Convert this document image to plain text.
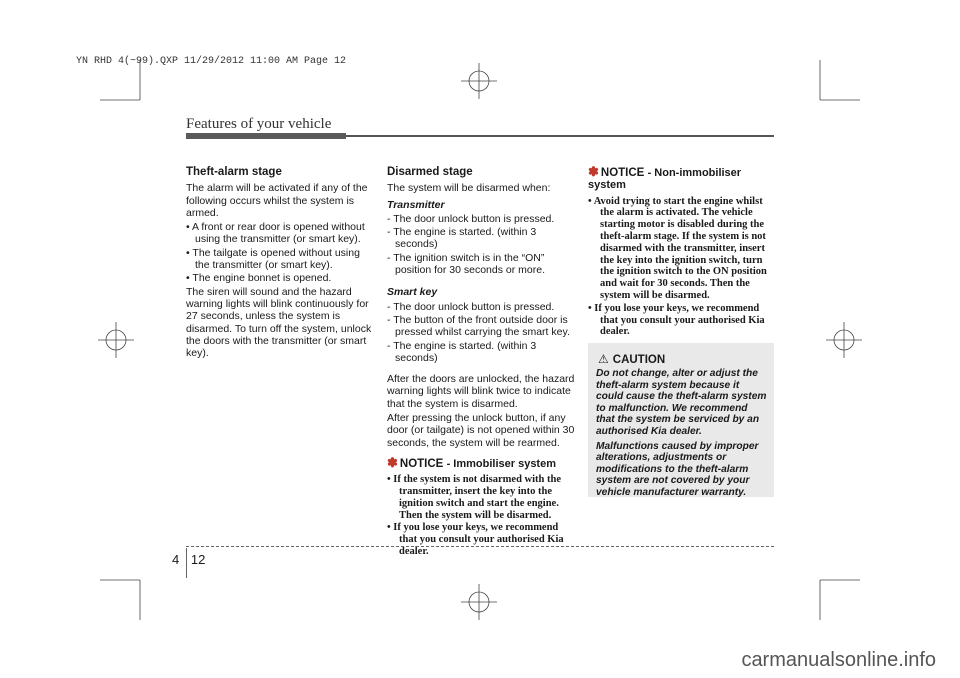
YN RHD 4(~99).QXP 11/29/2012 11:00 AM Page 12
Features of your vehicle
Theft-alarm stage

The alarm will be activated if any of the following occurs whilst the system is armed.

• A front or rear door is opened without using the transmitter (or smart key).

• The tailgate is opened without using the transmitter (or smart key).

• The engine bonnet is opened.

The siren will sound and the hazard warning lights will blink continuously for 27 seconds, unless the system is disarmed. To turn off the system, unlock the doors with the transmitter (or smart key).

Disarmed stage

The system will be disarmed when:

Transmitter

- The door unlock button is pressed.

- The engine is started. (within 3 seconds)

- The ignition switch is in the “ON” position for 30 seconds or more.

Smart key

- The door unlock button is pressed.

- The button of the front outside door is pressed whilst carrying the smart key.

- The engine is started. (within 3 seconds)

After the doors are unlocked, the hazard warning lights will blink twice to indicate that the system is disarmed.

After pressing the unlock button, if any door (or tailgate) is not opened within 30 seconds, the system will be rearmed.

✽ NOTICE - Immobiliser system

• If the system is not disarmed with the transmitter, insert the key into the ignition switch and start the engine. Then the system will be disarmed.

• If you lose your keys, we recommend that you consult your authorised Kia dealer.

✽ NOTICE - Non-immobiliser system

• Avoid trying to start the engine whilst the alarm is activated. The vehicle starting motor is disabled during the theft-alarm stage. If the system is not disarmed with the transmitter, insert the key into the ignition switch, turn the ignition switch to the ON position and wait for 30 seconds. Then the system will be disarmed.

• If you lose your keys, we recommend that you consult your authorised Kia dealer.

⚠ CAUTION

Do not change, alter or adjust the theft-alarm system because it could cause the theft-alarm system to malfunction. We recommend that the system be serviced by an authorised Kia dealer.

Malfunctions caused by improper alterations, adjustments or modifications to the theft-alarm system are not covered by your vehicle manufacturer warranty.

4 12
carmanualsonline.info
